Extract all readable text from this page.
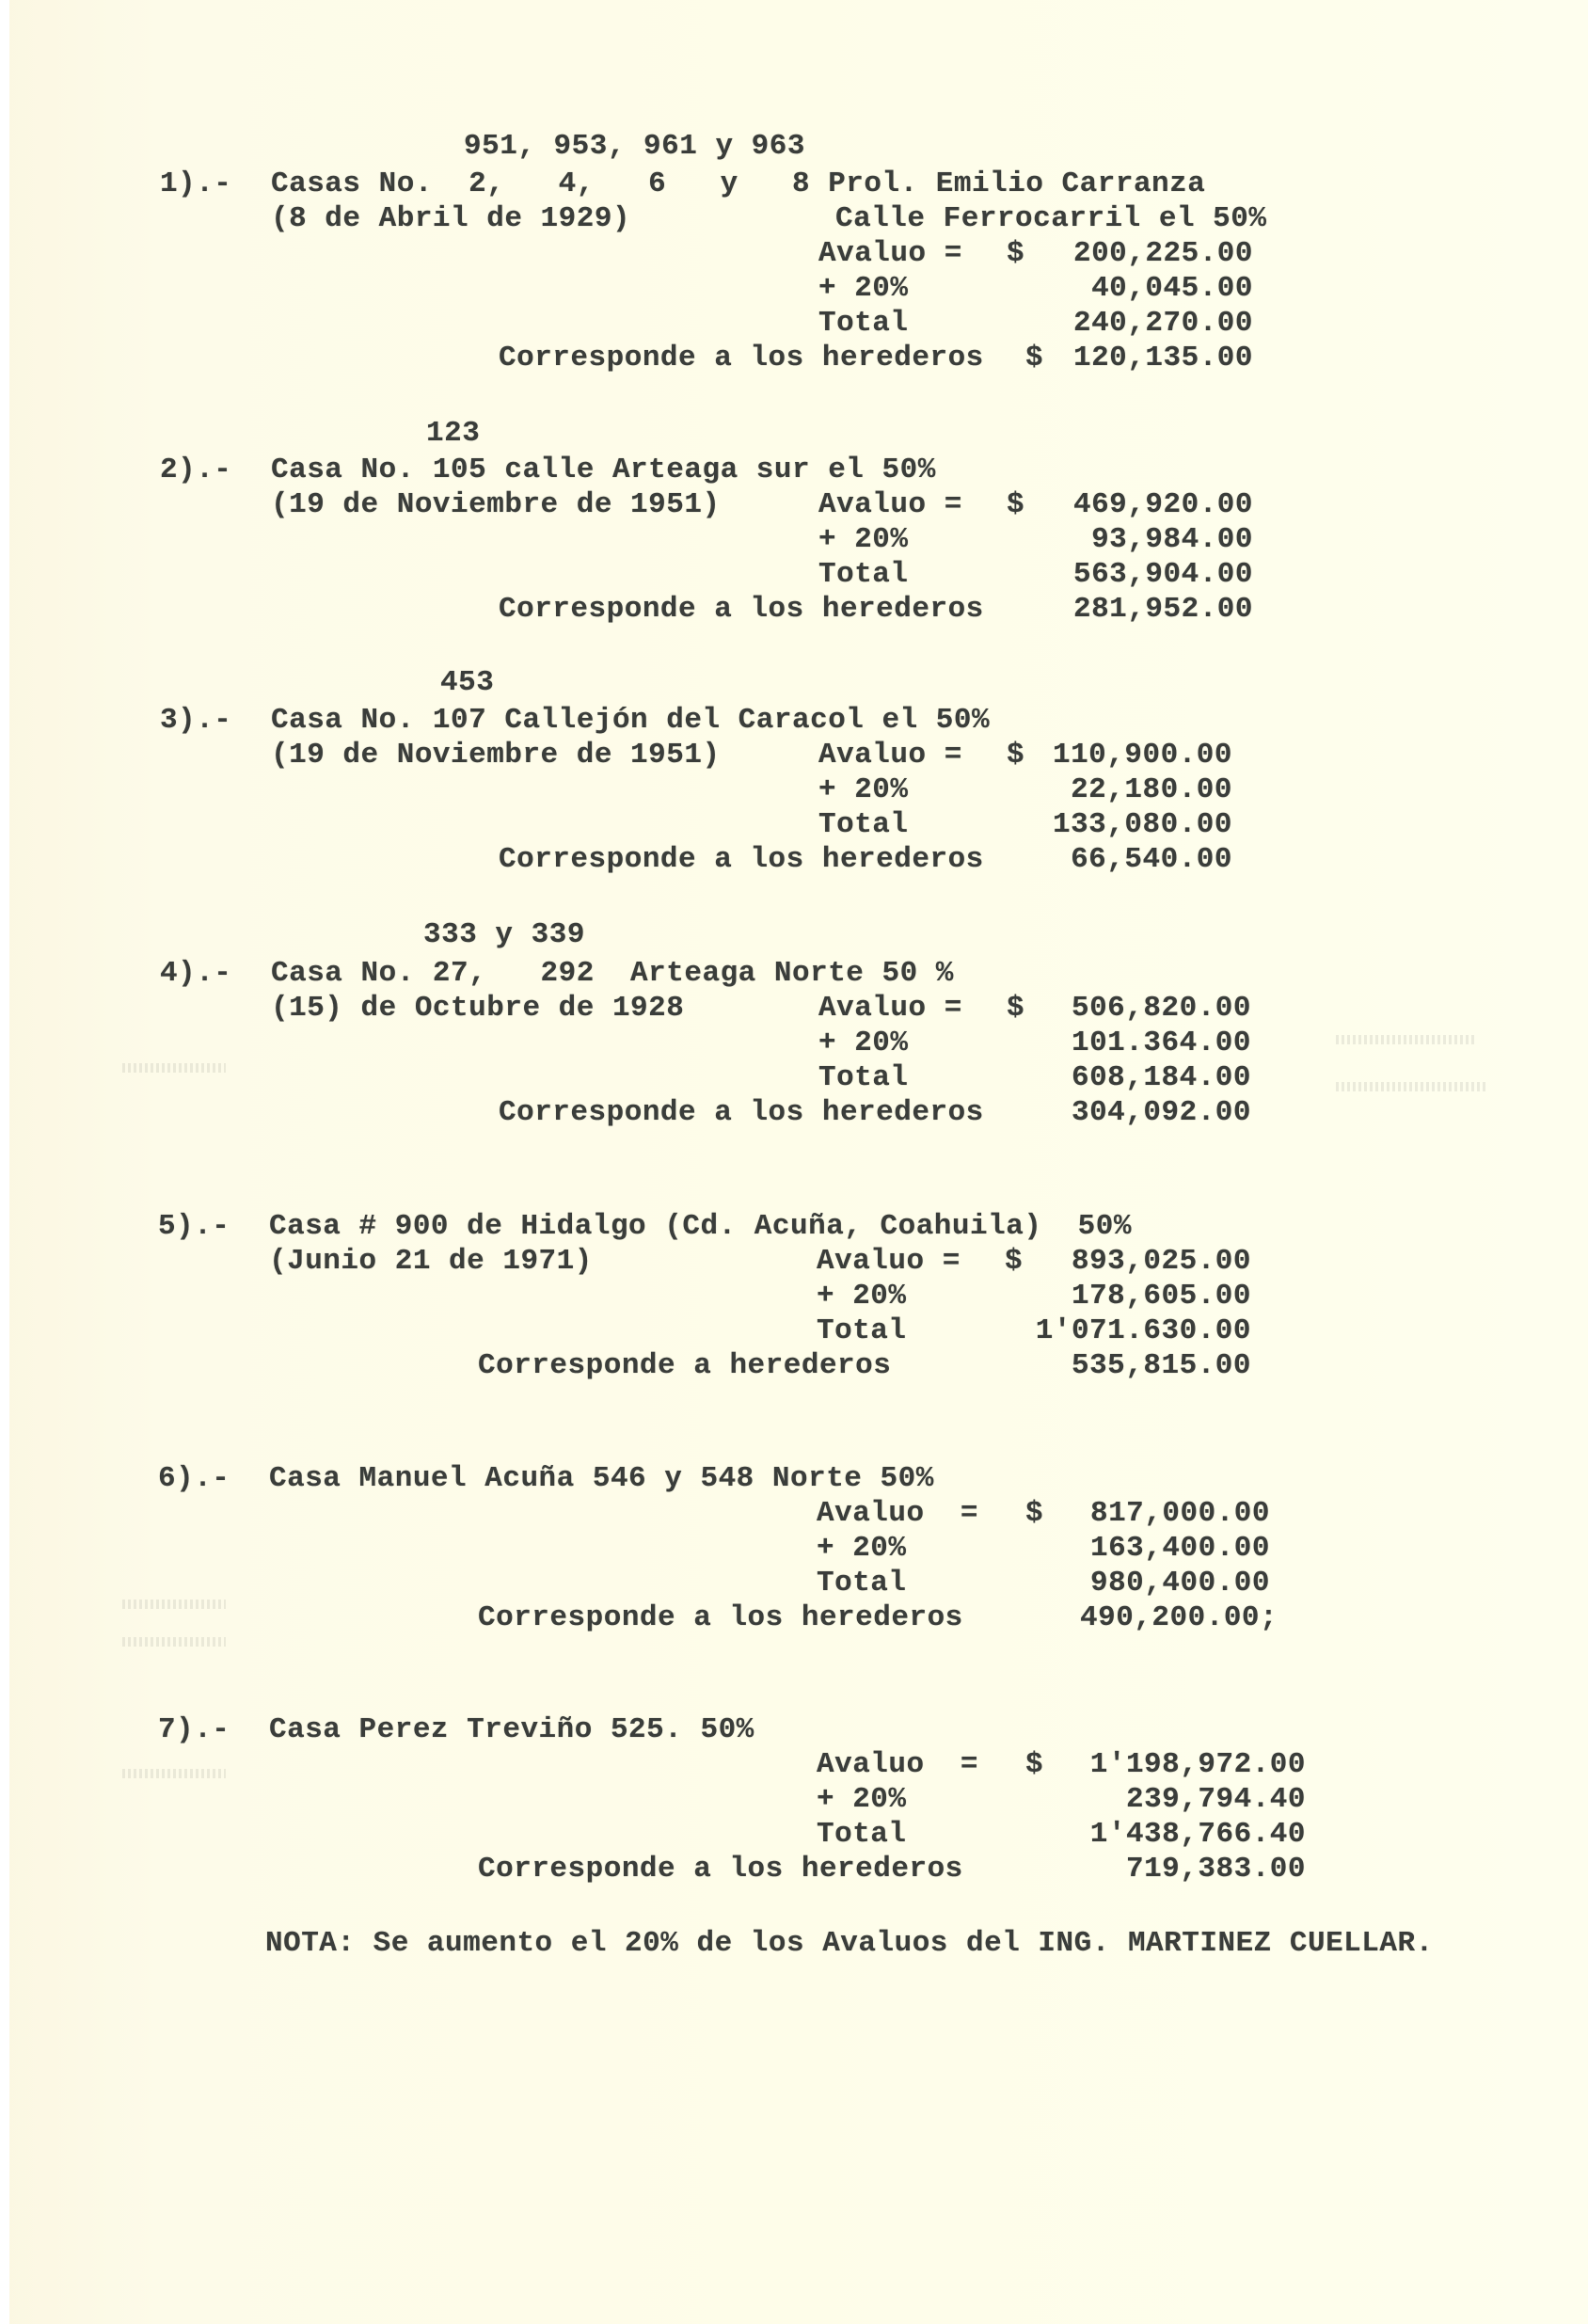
951, 953, 961 y 963
1).- Casas No.  2,   4,   6   y   8 Prol. Emilio Carranza
(8 de Abril de 1929)	Calle Ferrocarril el 50%
Avaluo = $	200,225.00
+ 20%	40,045.00
Total	240,270.00
Corresponde a los herederos $	120,135.00
123
2).- Casa No. 105 calle Arteaga sur el 50%
(19 de Noviembre de 1951)	Avaluo = $	469,920.00
+ 20%	93,984.00
Total	563,904.00
Corresponde a los herederos	281,952.00
453
3).- Casa No. 107 Callejón del Caracol el 50%
(19 de Noviembre de 1951)	Avaluo = $ 110,900.00
+ 20%	22,180.00
Total	133,080.00
Corresponde a los herederos	66,540.00
333 y 339
4).- Casa No. 27,   292  Arteaga Norte 50 %
(15) de Octubre de 1928	Avaluo = $	506,820.00
+ 20%	101.364.00
Total	608,184.00
Corresponde a los herederos	304,092.00
5).- Casa # 900 de Hidalgo (Cd. Acuña, Coahuila)  50%
(Junio 21 de 1971)	Avaluo = $	893,025.00
+ 20%	178,605.00
Total	1'071.630.00
Corresponde a herederos	535,815.00
6).- Casa Manuel Acuña 546 y 548 Norte 50%
Avaluo  = $	817,000.00
+ 20%	163,400.00
Total	980,400.00
Corresponde a los herederos	490,200.00;
7).- Casa Perez Treviño 525. 50%
Avaluo  = $	1'198,972.00
+ 20%	239,794.40
Total	1'438,766.40
Corresponde a los herederos	719,383.00
NOTA: Se aumento el 20% de los Avaluos del ING. MARTINEZ CUELLAR.
